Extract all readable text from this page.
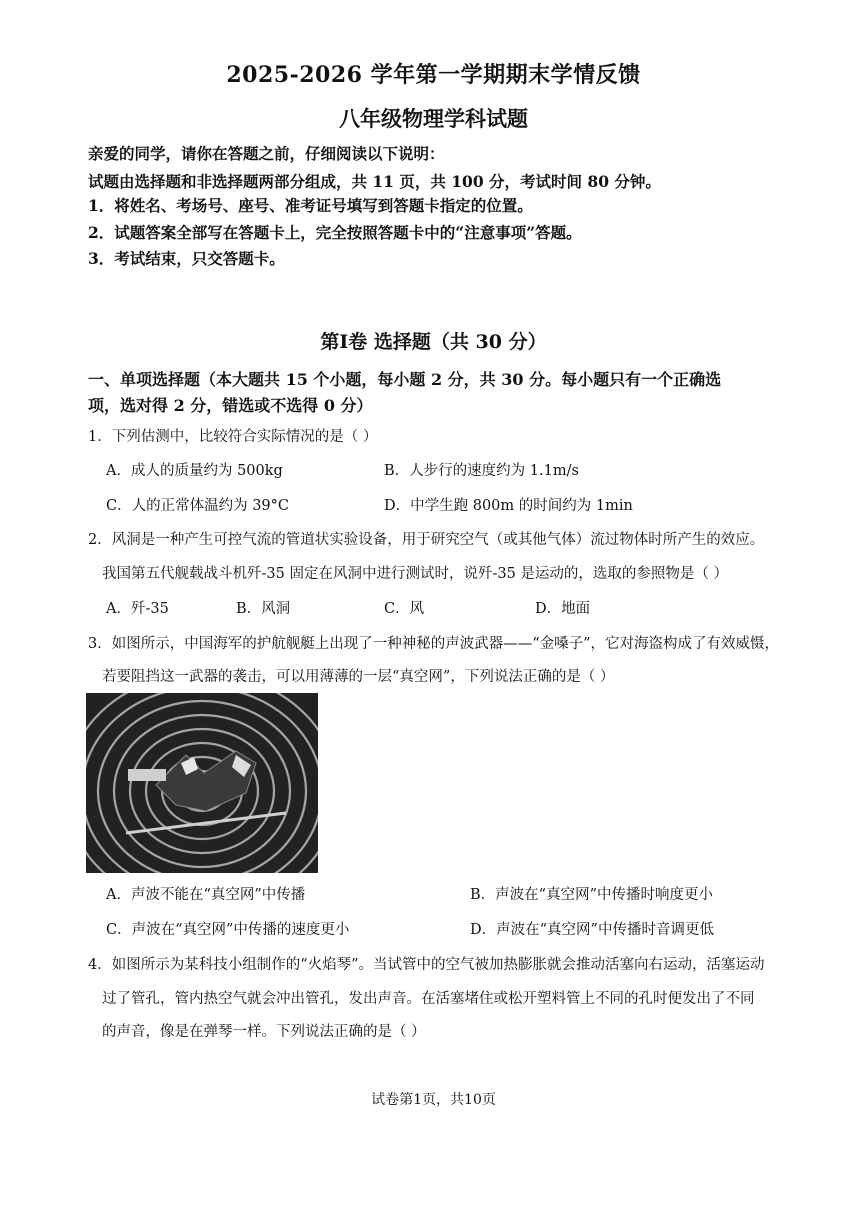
2025-2026 学年第一学期期末学情反馈
八年级物理学科试题
亲爱的同学，请你在答题之前，仔细阅读以下说明：
试题由选择题和非选择题两部分组成，共 11 页，共 100 分，考试时间 80 分钟。
1．将姓名、考场号、座号、准考证号填写到答题卡指定的位置。
2．试题答案全部写在答题卡上，完全按照答题卡中的“注意事项”答题。
3．考试结束，只交答题卡。
第Ⅰ卷 选择题（共 30 分）
一、单项选择题（本大题共 15 个小题，每小题 2 分，共 30 分。每小题只有一个正确选
项，选对得 2 分，错选或不选得 0 分）
1．下列估测中，比较符合实际情况的是（ ）
A．成人的质量约为 500kg	B．人步行的速度约为 1.1m/s
C．人的正常体温约为 39°C	D．中学生跑 800m 的时间约为 1min
2．风洞是一种产生可控气流的管道状实验设备，用于研究空气（或其他气体）流过物体时所产生的效应。
我国第五代舰载战斗机歼-35 固定在风洞中进行测试时，说歼-35 是运动的，选取的参照物是（ ）
A．歼-35	B．风洞	C．风	D．地面
3．如图所示，中国海军的护航舰艇上出现了一种神秘的声波武器——“金嗓子”，它对海盗构成了有效威慑，
若要阻挡这一武器的袭击，可以用薄薄的一层“真空网”，下列说法正确的是（ ）
A．声波不能在“真空网”中传播	B．声波在“真空网”中传播时响度更小
C．声波在“真空网”中传播的速度更小	D．声波在“真空网”中传播时音调更低
4．如图所示为某科技小组制作的“火焰琴”。当试管中的空气被加热膨胀就会推动活塞向右运动，活塞运动
过了管孔，管内热空气就会冲出管孔，发出声音。在活塞堵住或松开塑料管上不同的孔时便发出了不同
的声音，像是在弹琴一样。下列说法正确的是（ ）
试卷第1页，共10页
